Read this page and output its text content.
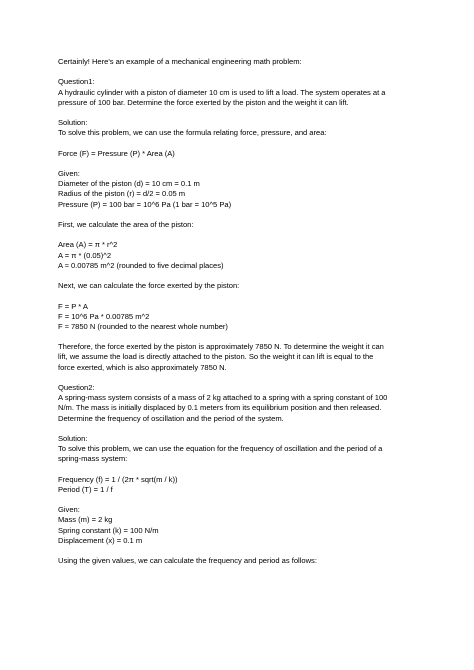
Certainly! Here's an example of a mechanical engineering math problem:
Question1:
A hydraulic cylinder with a piston of diameter 10 cm is used to lift a load. The system operates at a
pressure of 100 bar. Determine the force exerted by the piston and the weight it can lift.
Solution:
To solve this problem, we can use the formula relating force, pressure, and area:
Force (F) = Pressure (P) * Area (A)
Given:
Diameter of the piston (d) = 10 cm = 0.1 m
Radius of the piston (r) = d/2 = 0.05 m
Pressure (P) = 100 bar = 10^6 Pa (1 bar = 10^5 Pa)
First, we calculate the area of the piston:
Area (A) = π * r^2
A = π * (0.05)^2
A ≈ 0.00785 m^2 (rounded to five decimal places)
Next, we can calculate the force exerted by the piston:
F = P * A
F = 10^6 Pa * 0.00785 m^2
F ≈ 7850 N (rounded to the nearest whole number)
Therefore, the force exerted by the piston is approximately 7850 N. To determine the weight it can
lift, we assume the load is directly attached to the piston. So the weight it can lift is equal to the
force exerted, which is also approximately 7850 N.
Question2:
A spring-mass system consists of a mass of 2 kg attached to a spring with a spring constant of 100
N/m. The mass is initially displaced by 0.1 meters from its equilibrium position and then released.
Determine the frequency of oscillation and the period of the system.
Solution:
To solve this problem, we can use the equation for the frequency of oscillation and the period of a
spring-mass system:
Frequency (f) = 1 / (2π * sqrt(m / k))
Period (T) = 1 / f
Given:
Mass (m) = 2 kg
Spring constant (k) = 100 N/m
Displacement (x) = 0.1 m
Using the given values, we can calculate the frequency and period as follows:
